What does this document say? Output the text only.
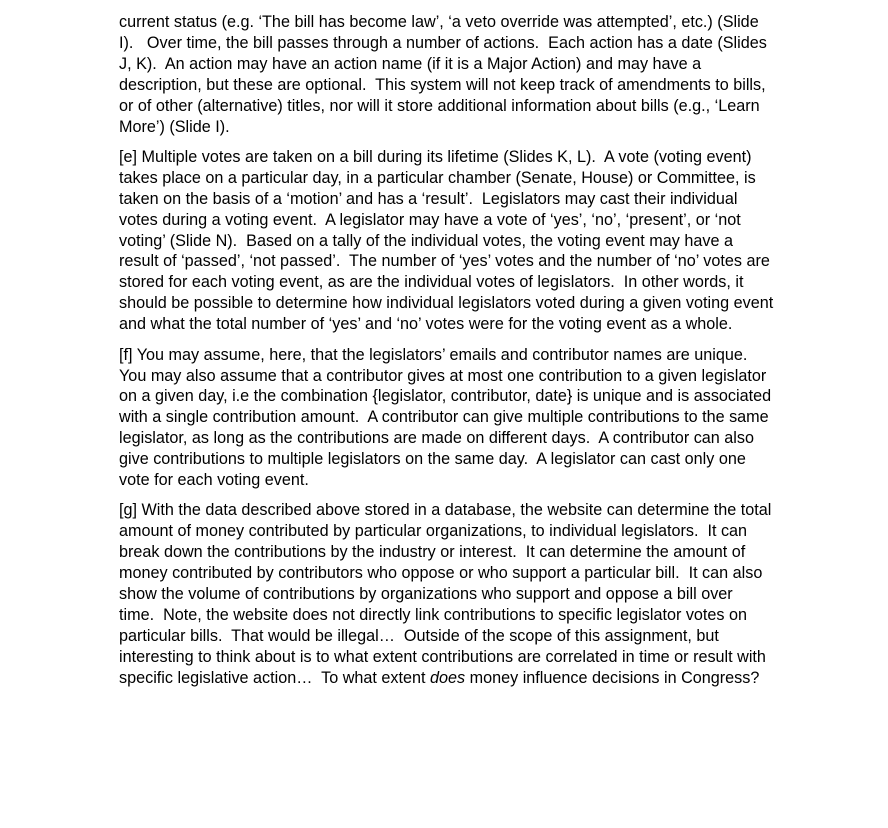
current status (e.g. ‘The bill has become law’, ‘a veto override was attempted’, etc.) (Slide I).   Over time, the bill passes through a number of actions.  Each action has a date (Slides J, K).  An action may have an action name (if it is a Major Action) and may have a description, but these are optional.  This system will not keep track of amendments to bills, or of other (alternative) titles, nor will it store additional information about bills (e.g., ‘Learn More’) (Slide I).

[e] Multiple votes are taken on a bill during its lifetime (Slides K, L).  A vote (voting event) takes place on a particular day, in a particular chamber (Senate, House) or Committee, is taken on the basis of a ‘motion’ and has a ‘result’.  Legislators may cast their individual votes during a voting event.  A legislator may have a vote of ‘yes’, ‘no’, ‘present’, or ‘not voting’ (Slide N).  Based on a tally of the individual votes, the voting event may have a result of ‘passed’, ‘not passed’.  The number of ‘yes’ votes and the number of ‘no’ votes are stored for each voting event, as are the individual votes of legislators.  In other words, it should be possible to determine how individual legislators voted during a given voting event and what the total number of ‘yes’ and ‘no’ votes were for the voting event as a whole.

[f] You may assume, here, that the legislators’ emails and contributor names are unique.  You may also assume that a contributor gives at most one contribution to a given legislator on a given day, i.e the combination {legislator, contributor, date} is unique and is associated with a single contribution amount.  A contributor can give multiple contributions to the same legislator, as long as the contributions are made on different days.  A contributor can also give contributions to multiple legislators on the same day.  A legislator can cast only one vote for each voting event.

[g] With the data described above stored in a database, the website can determine the total amount of money contributed by particular organizations, to individual legislators.  It can break down the contributions by the industry or interest.  It can determine the amount of money contributed by contributors who oppose or who support a particular bill.  It can also show the volume of contributions by organizations who support and oppose a bill over time.  Note, the website does not directly link contributions to specific legislator votes on particular bills.  That would be illegal…  Outside of the scope of this assignment, but interesting to think about is to what extent contributions are correlated in time or result with specific legislative action…  To what extent does money influence decisions in Congress?
